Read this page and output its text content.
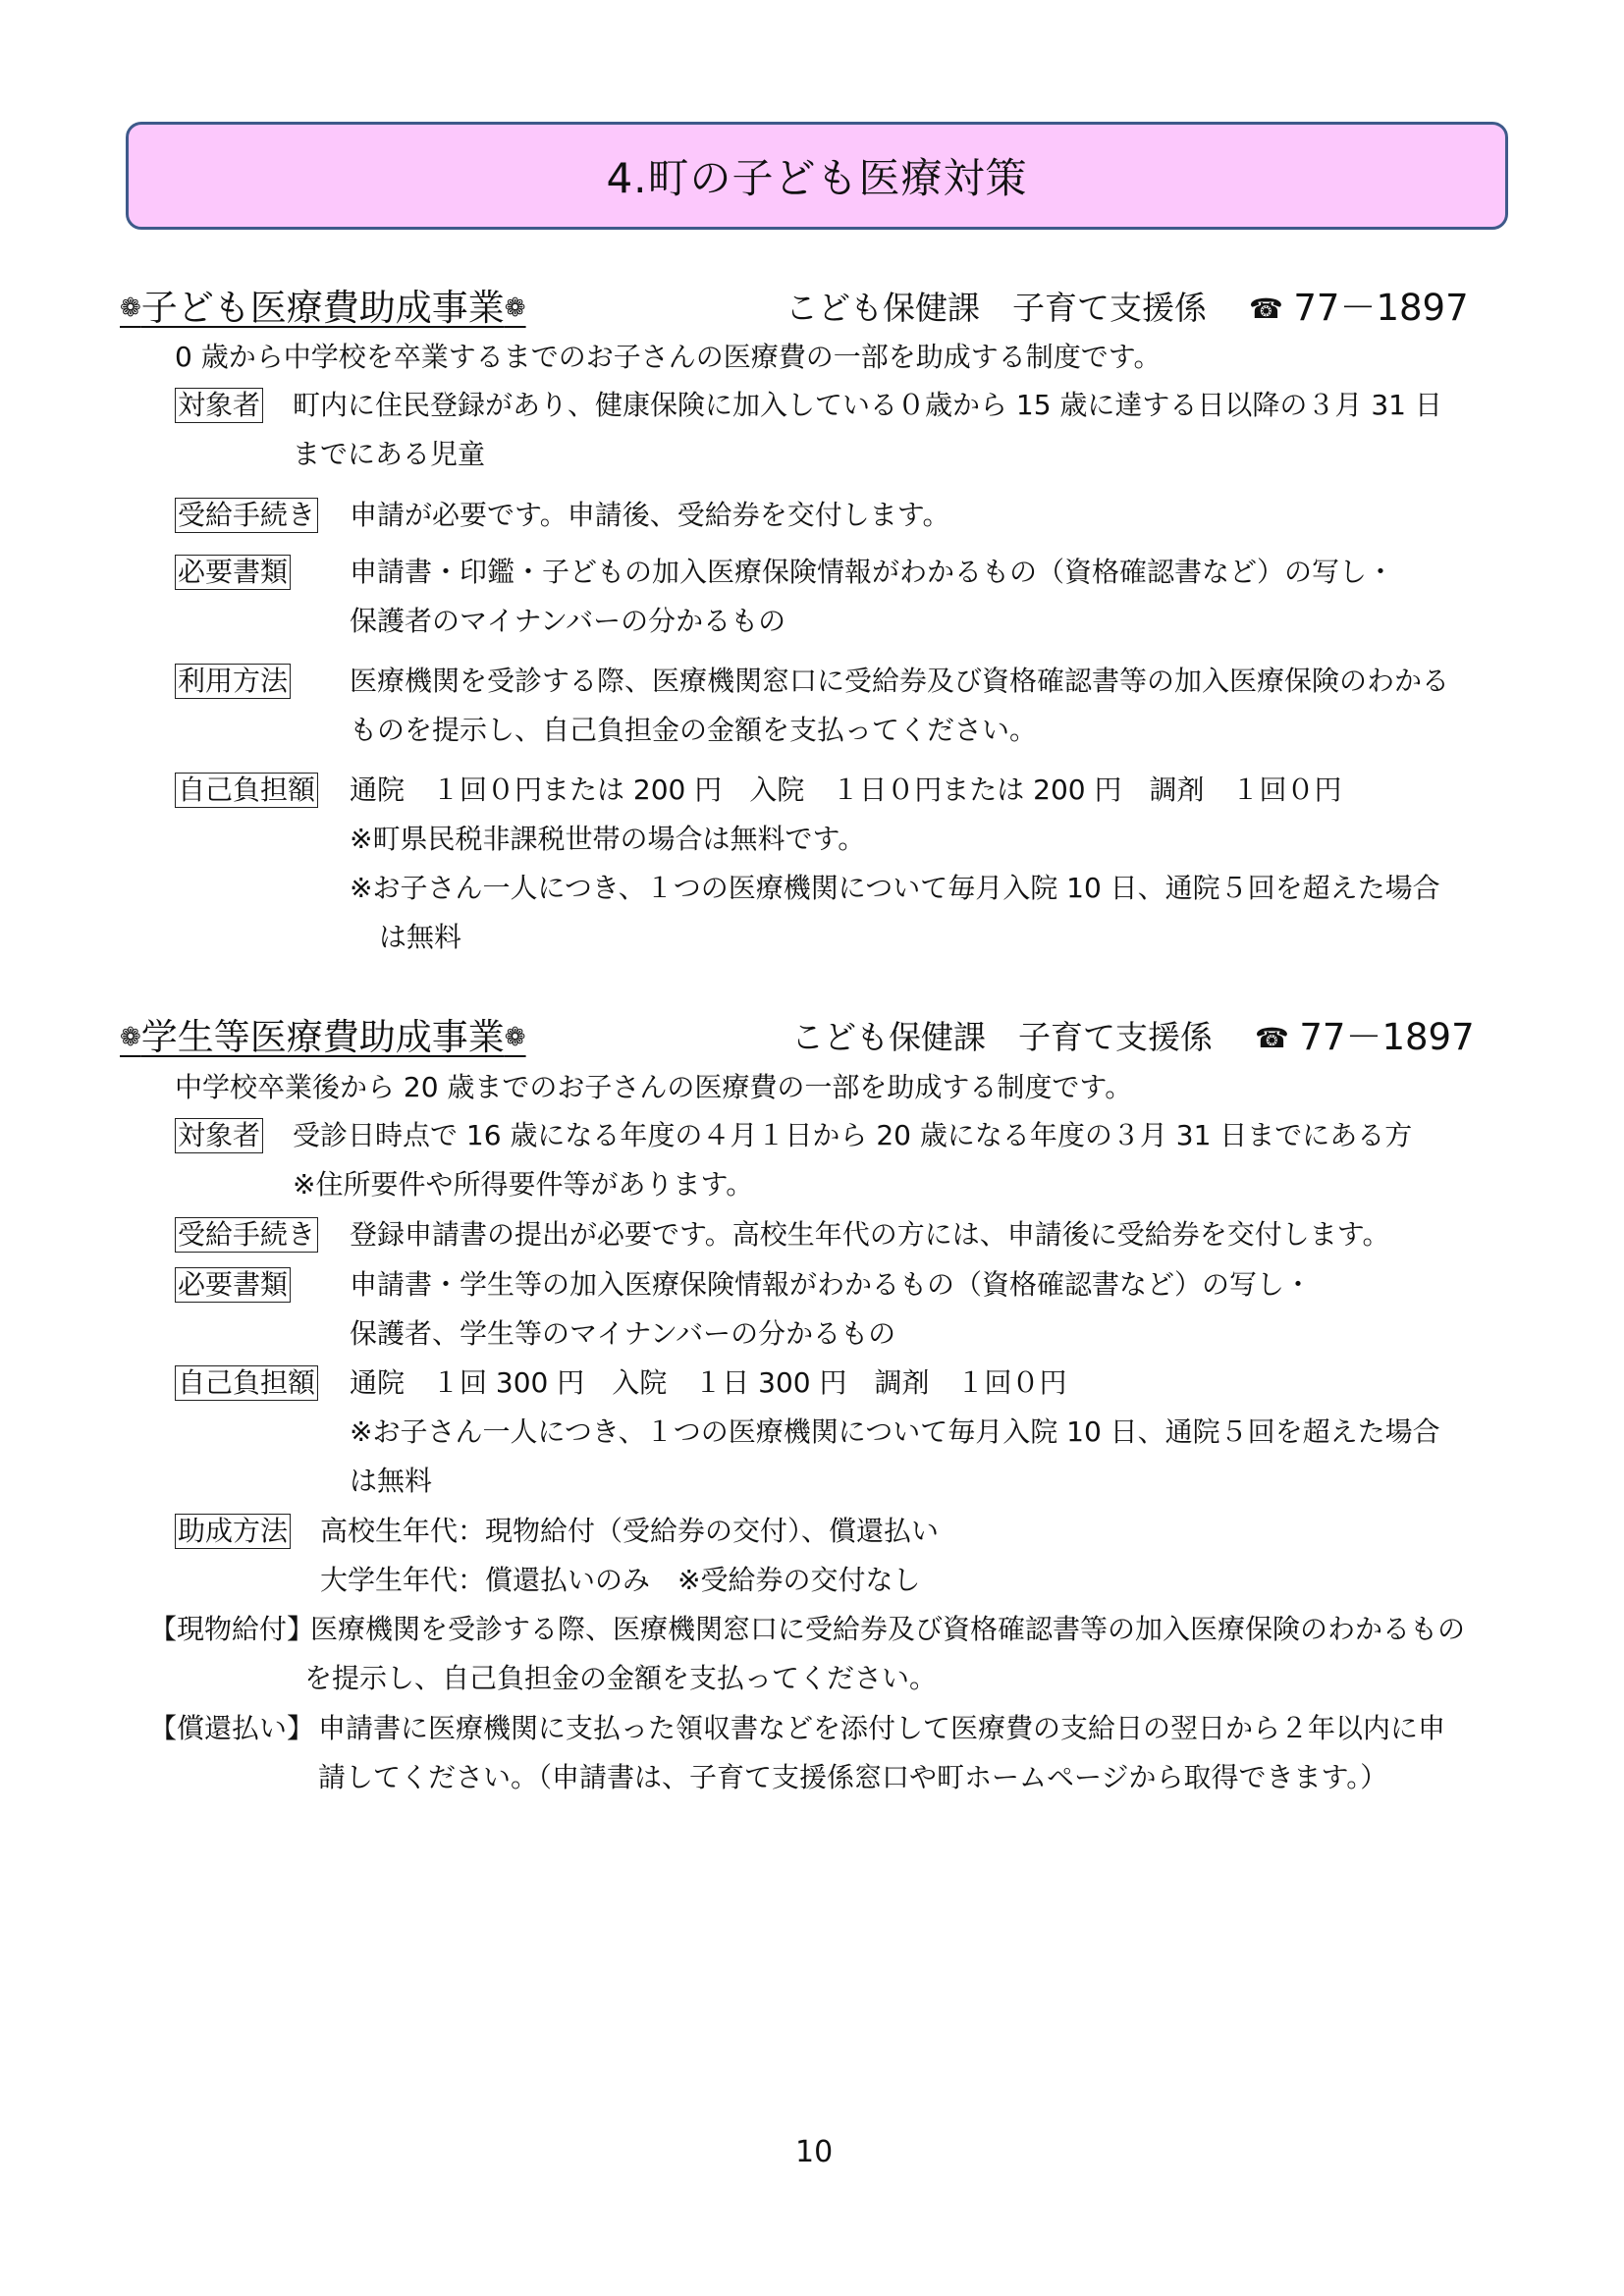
4.町の子ども医療対策
❁子ども医療費助成事業❁	こども保健課　子育て支援係 ☎ 77－1897
0 歳から中学校を卒業するまでのお子さんの医療費の一部を助成する制度です。
対象者 町内に住民登録があり、健康保険に加入している０歳から 15 歳に達する日以降の３月 31 日
までにある児童
受給手続き 申請が必要です。申請後、受給券を交付します。
必要書類 申請書・印鑑・子どもの加入医療保険情報がわかるもの（資格確認書など）の写し・
保護者のマイナンバーの分かるもの
利用方法 医療機関を受診する際、医療機関窓口に受給券及び資格確認書等の加入医療保険のわかる
ものを提示し、自己負担金の金額を支払ってください。
自己負担額 通院　１回０円または 200 円　入院　１日０円または 200 円　調剤　１回０円
※町県民税非課税世帯の場合は無料です。
※お子さん一人につき、１つの医療機関について毎月入院 10 日、通院５回を超えた場合
は無料
❁学生等医療費助成事業❁	こども保健課　子育て支援係 ☎ 77－1897
中学校卒業後から 20 歳までのお子さんの医療費の一部を助成する制度です。
対象者 受診日時点で 16 歳になる年度の４月１日から 20 歳になる年度の３月 31 日までにある方
※住所要件や所得要件等があります。
受給手続き 登録申請書の提出が必要です。高校生年代の方には、申請後に受給券を交付します。
必要書類 申請書・学生等の加入医療保険情報がわかるもの（資格確認書など）の写し・
保護者、学生等のマイナンバーの分かるもの
自己負担額 通院　１回 300 円　入院　１日 300 円　調剤　１回０円
※お子さん一人につき、１つの医療機関について毎月入院 10 日、通院５回を超えた場合
は無料
助成方法 高校生年代：現物給付（受給券の交付）、償還払い
大学生年代：償還払いのみ　※受給券の交付なし
【現物給付】
医療機関を受診する際、医療機関窓口に受給券及び資格確認書等の加入医療保険のわかるもの
を提示し、自己負担金の金額を支払ってください。
【償還払い】 申請書に医療機関に支払った領収書などを添付して医療費の支給日の翌日から２年以内に申
請してください。（申請書は、子育て支援係窓口や町ホームページから取得できます。）
10
